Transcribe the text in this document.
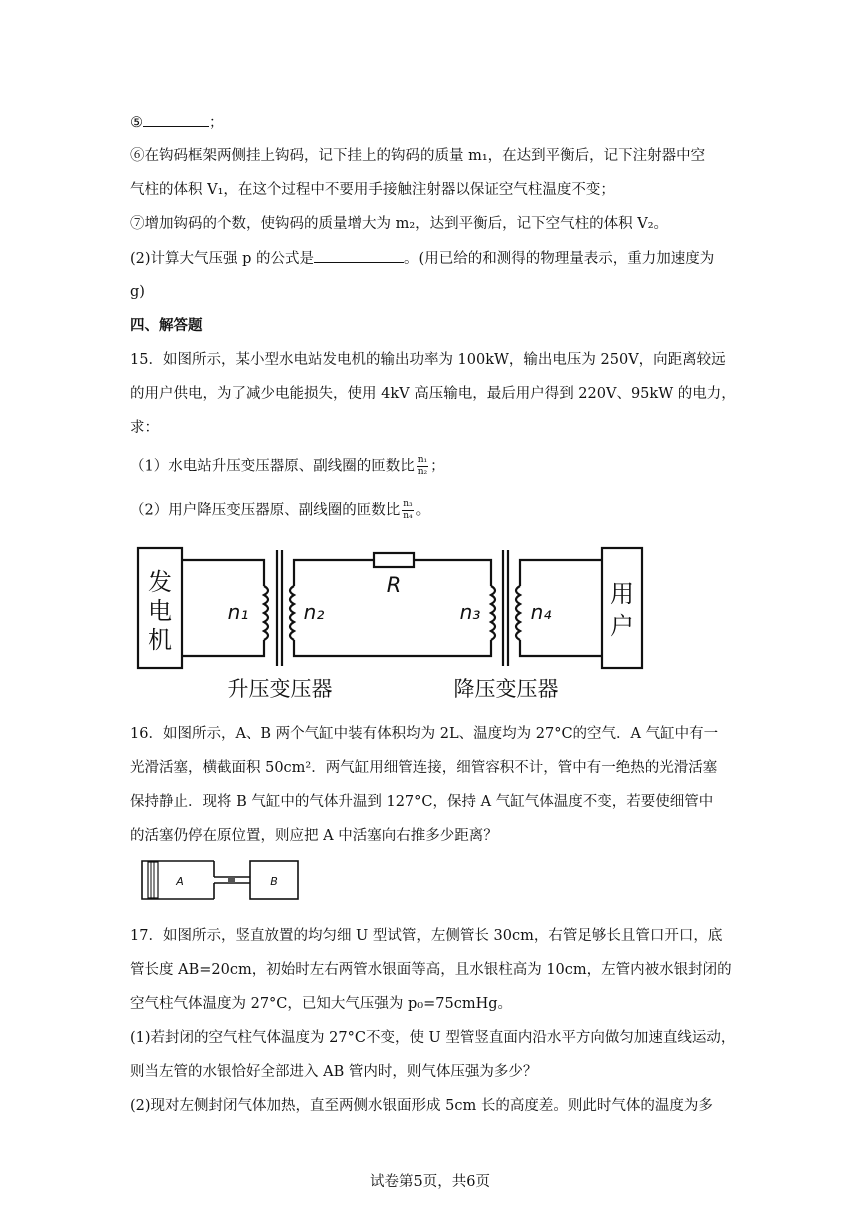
⑤	；
⑥在钩码框架两侧挂上钩码，记下挂上的钩码的质量 m₁，在达到平衡后，记下注射器中空
气柱的体积 V₁，在这个过程中不要用手接触注射器以保证空气柱温度不变；
⑦增加钩码的个数，使钩码的质量增大为 m₂，达到平衡后，记下空气柱的体积 V₂。
(2)计算大气压强 p 的公式是	。(用已给的和测得的物理量表示，重力加速度为
g)
四、解答题
15．如图所示，某小型水电站发电机的输出功率为 100kW，输出电压为 250V，向距离较远
的用户供电，为了减少电能损失，使用 4kV 高压输电，最后用户得到 220V、95kW 的电力，
求：
（1）水电站升压变压器原、副线圈的匝数比 $\frac{\text{n₁}}{\text{n₂}}$ ；
（2）用户降压变压器原、副线圈的匝数比 $\frac{\text{n₃}}{\text{n₄}}$ 。
发
电
机
用
户
n₁	n₂	n₃	n₄
R
升压变压器	降压变压器
16．如图所示，A、B 两个气缸中装有体积均为 2L、温度均为 27°C的空气．A 气缸中有一
光滑活塞，横截面积 50cm²．两气缸用细管连接，细管容积不计，管中有一绝热的光滑活塞
保持静止．现将 B 气缸中的气体升温到 127°C，保持 A 气缸气体温度不变，若要使细管中
的活塞仍停在原位置，则应把 A 中活塞向右推多少距离？
A	B
17．如图所示，竖直放置的均匀细 U 型试管，左侧管长 30cm，右管足够长且管口开口，底
管长度 AB=20cm，初始时左右两管水银面等高，且水银柱高为 10cm，左管内被水银封闭的
空气柱气体温度为 27°C，已知大气压强为 p₀=75cmHg。
(1)若封闭的空气柱气体温度为 27°C不变，使 U 型管竖直面内沿水平方向做匀加速直线运动，
则当左管的水银恰好全部进入 AB 管内时，则气体压强为多少？
(2)现对左侧封闭气体加热，直至两侧水银面形成 5cm 长的高度差。则此时气体的温度为多
试卷第5页，共6页
